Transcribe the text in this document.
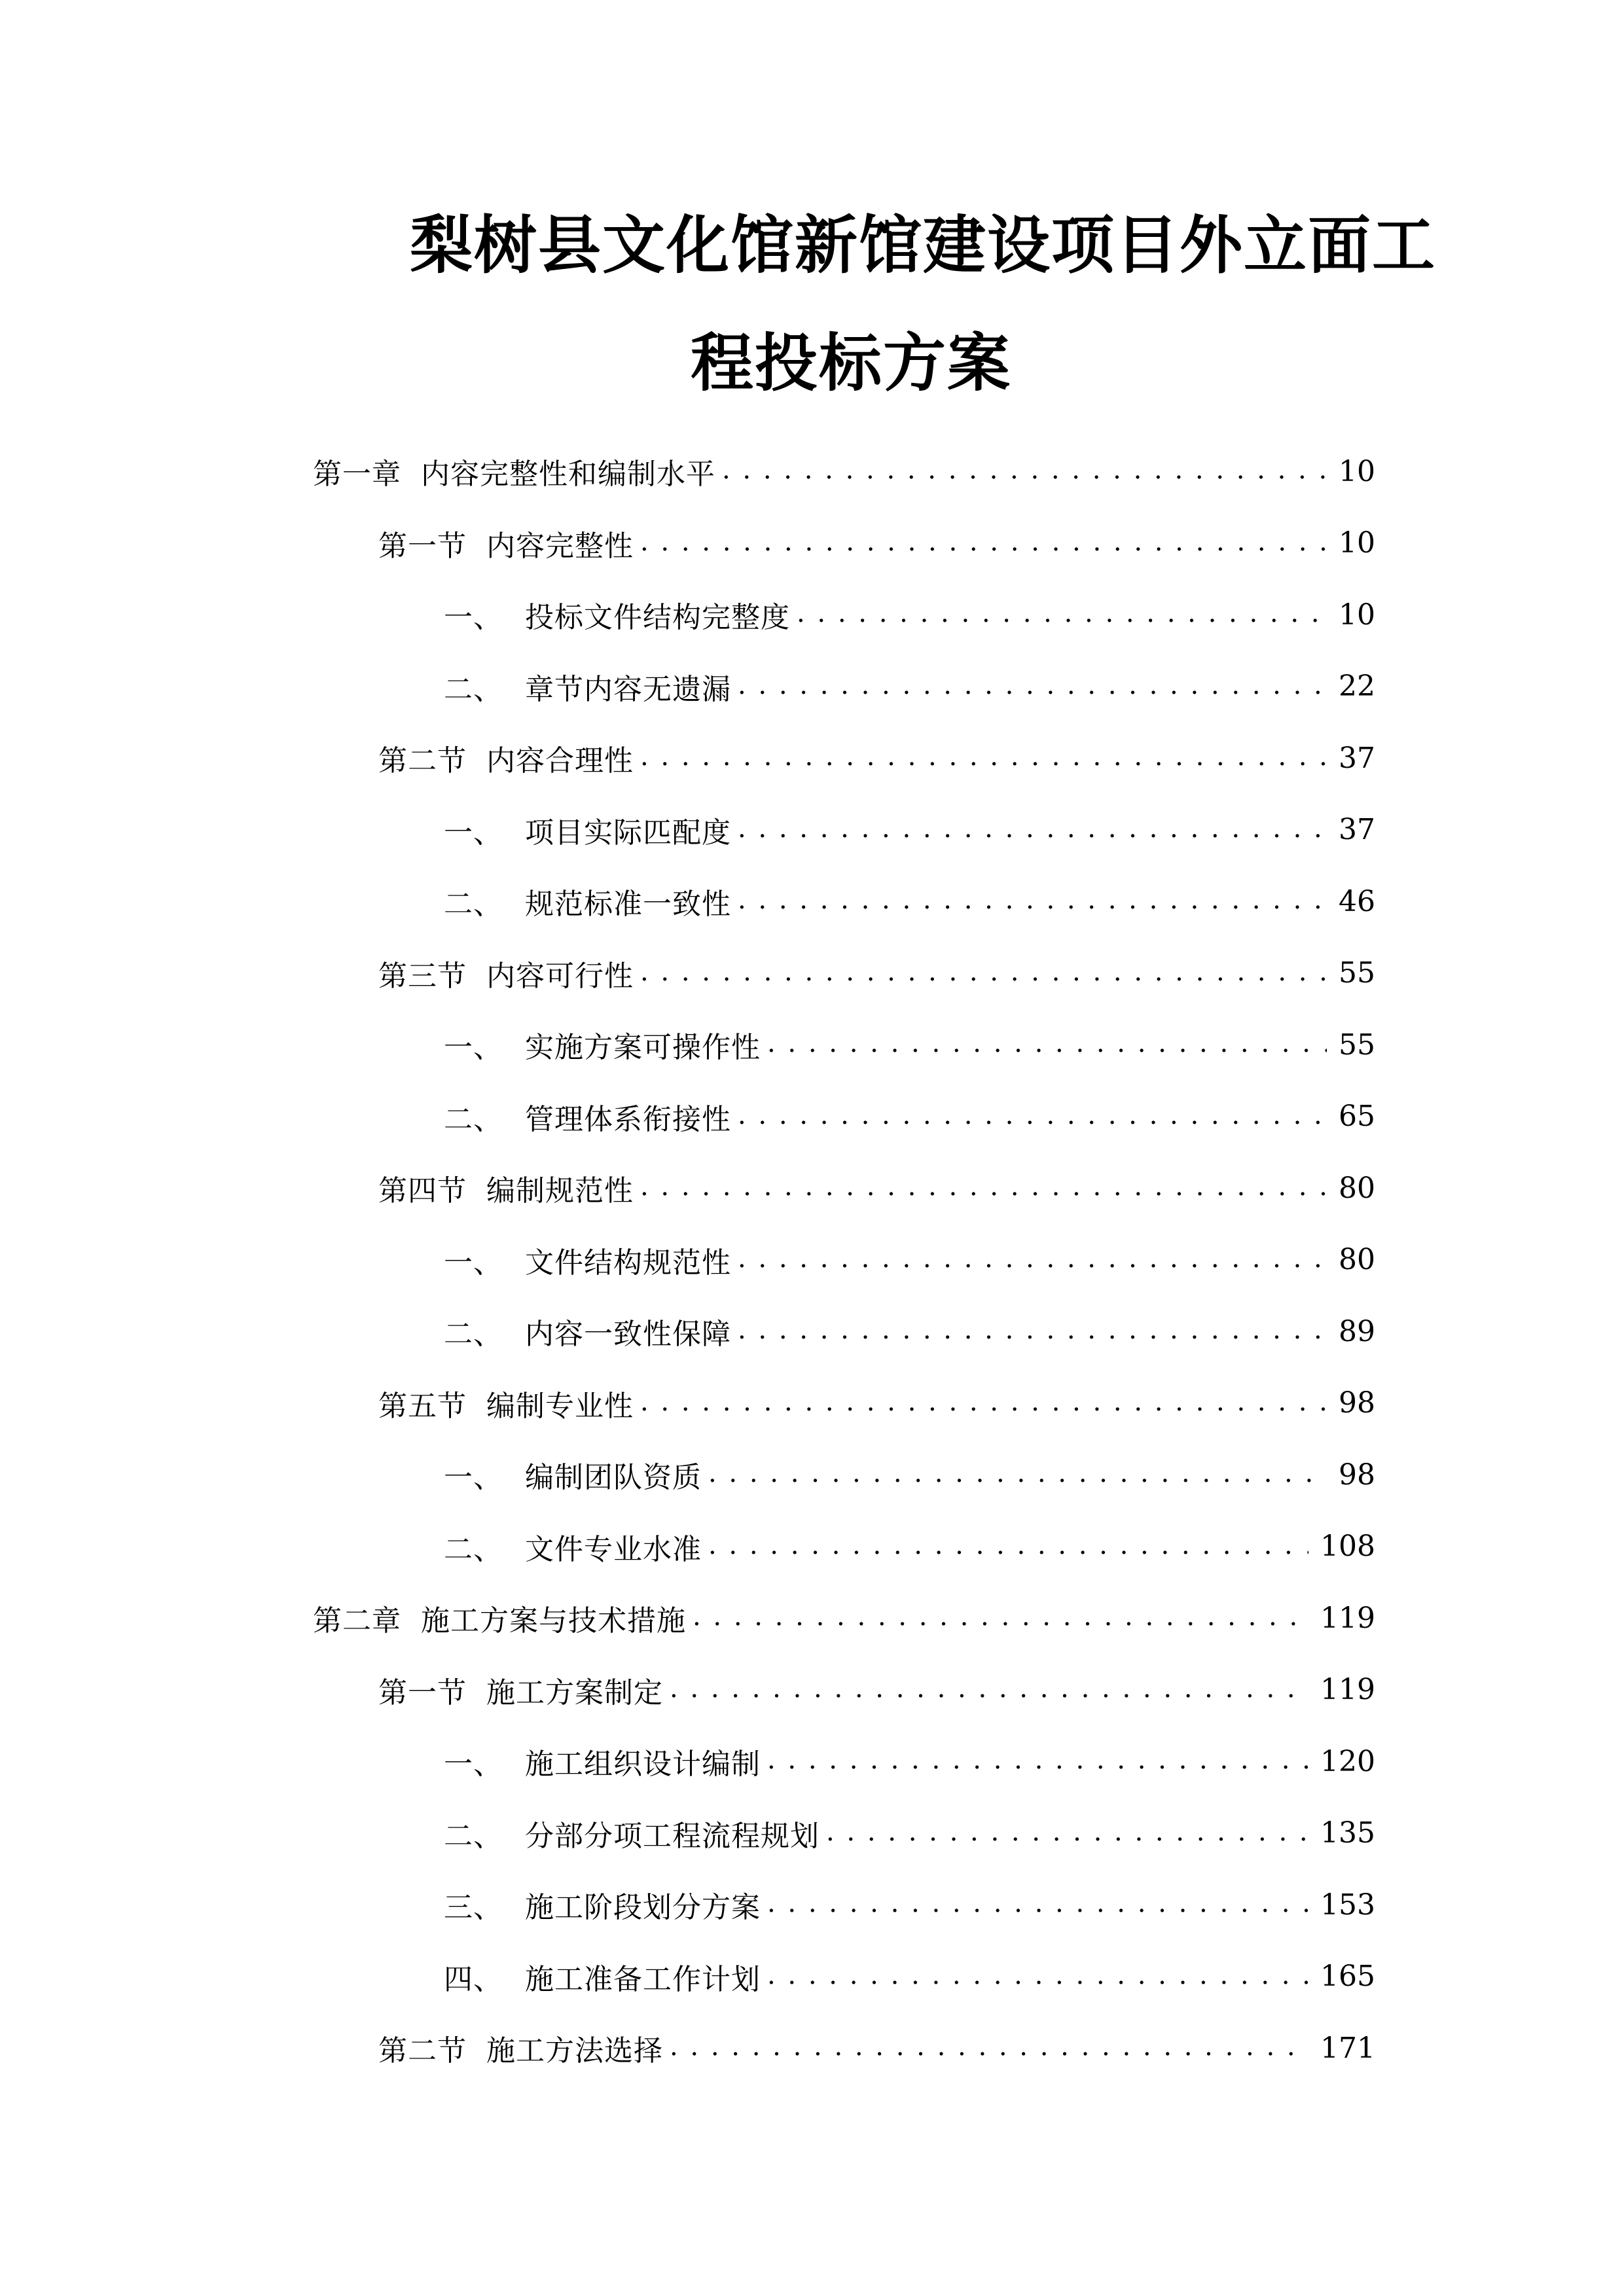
梨树县文化馆新馆建设项目外立面工
程投标方案
第一章 内容完整性和编制水平 . . .	10
第一节 内容完整性 . . .	10
一、 投标文件结构完整度 . . .	10
二、 章节内容无遗漏 . . .	22
第二节 内容合理性 . . .	37
一、 项目实际匹配度 . . .	37
二、 规范标准一致性 . . .	46
第三节 内容可行性 . . .	55
一、 实施方案可操作性 . . .	55
二、 管理体系衔接性 . . .	65
第四节 编制规范性 . . .	80
一、 文件结构规范性 . . .	80
二、 内容一致性保障 . . .	89
第五节 编制专业性 . . .	98
一、 编制团队资质 . . .	98
二、 文件专业水准 . . .	108
第二章 施工方案与技术措施 . . .	119
第一节 施工方案制定 . . .	119
一、 施工组织设计编制 . . .	120
二、 分部分项工程流程规划 . . .	135
三、 施工阶段划分方案 . . .	153
四、 施工准备工作计划 . . .	165
第二节 施工方法选择 . . .	171
